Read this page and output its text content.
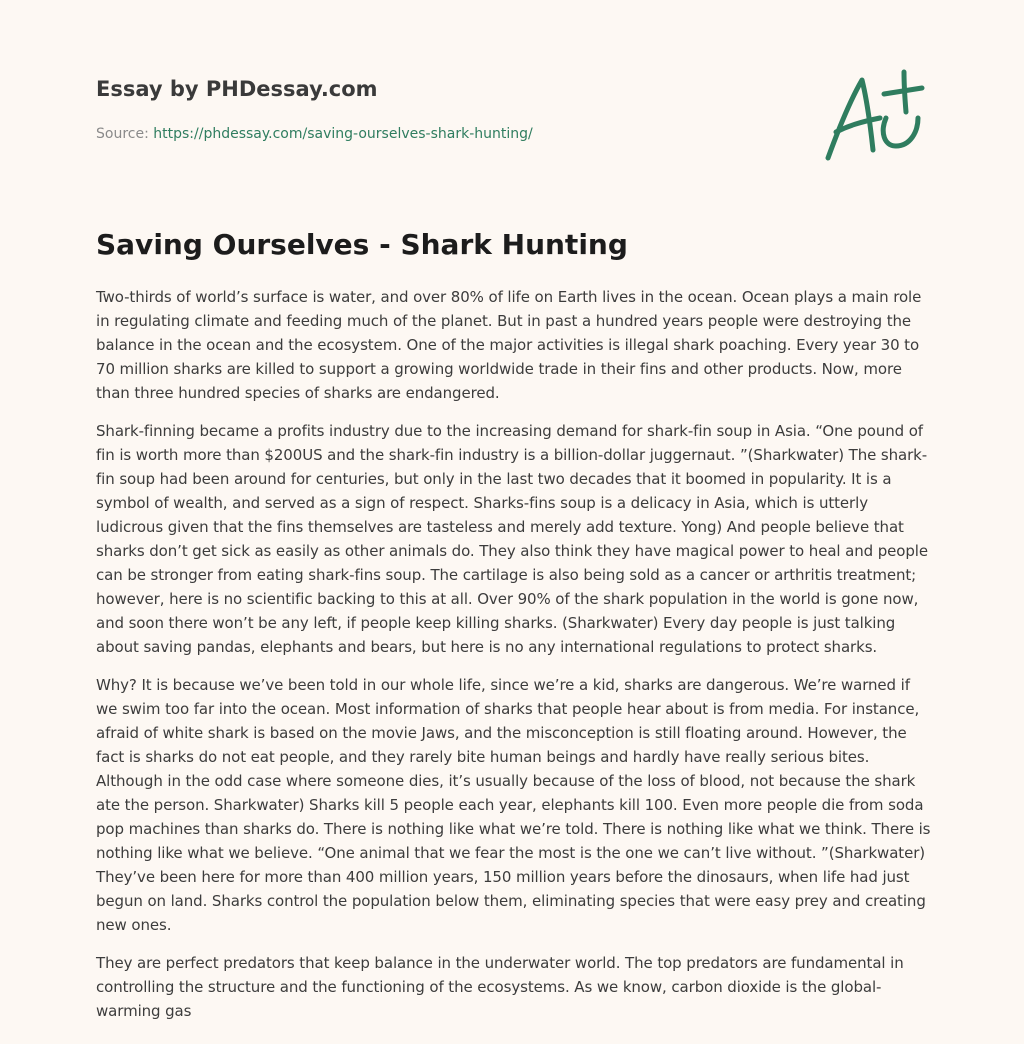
Essay by PHDessay.com
Source: https://phdessay.com/saving-ourselves-shark-hunting/
Saving Ourselves - Shark Hunting

Two-thirds of world’s surface is water, and over 80% of life on Earth lives in the ocean. Ocean plays a main role in regulating climate and feeding much of the planet. But in past a hundred years people were destroying the balance in the ocean and the ecosystem. One of the major activities is illegal shark poaching. Every year 30 to 70 million sharks are killed to support a growing worldwide trade in their fins and other products. Now, more than three hundred species of sharks are endangered.

Shark-finning became a profits industry due to the increasing demand for shark-fin soup in Asia. “One pound of fin is worth more than $200US and the shark-fin industry is a billion-dollar juggernaut. ”(Sharkwater) The shark-fin soup had been around for centuries, but only in the last two decades that it boomed in popularity. It is a symbol of wealth, and served as a sign of respect. Sharks-fins soup is a delicacy in Asia, which is utterly ludicrous given that the fins themselves are tasteless and merely add texture. Yong) And people believe that sharks don’t get sick as easily as other animals do. They also think they have magical power to heal and people can be stronger from eating shark-fins soup. The cartilage is also being sold as a cancer or arthritis treatment; however, here is no scientific backing to this at all. Over 90% of the shark population in the world is gone now, and soon there won’t be any left, if people keep killing sharks. (Sharkwater) Every day people is just talking about saving pandas, elephants and bears, but here is no any international regulations to protect sharks.

Why? It is because we’ve been told in our whole life, since we’re a kid, sharks are dangerous. We’re warned if we swim too far into the ocean. Most information of sharks that people hear about is from media. For instance, afraid of white shark is based on the movie Jaws, and the misconception is still floating around. However, the fact is sharks do not eat people, and they rarely bite human beings and hardly have really serious bites. Although in the odd case where someone dies, it’s usually because of the loss of blood, not because the shark ate the person. Sharkwater) Sharks kill 5 people each year, elephants kill 100. Even more people die from soda pop machines than sharks do. There is nothing like what we’re told. There is nothing like what we think. There is nothing like what we believe. “One animal that we fear the most is the one we can’t live without. ”(Sharkwater) They’ve been here for more than 400 million years, 150 million years before the dinosaurs, when life had just begun on land. Sharks control the population below them, eliminating species that were easy prey and creating new ones.

They are perfect predators that keep balance in the underwater world. The top predators are fundamental in controlling the structure and the functioning of the ecosystems. As we know, carbon dioxide is the global-warming gas
